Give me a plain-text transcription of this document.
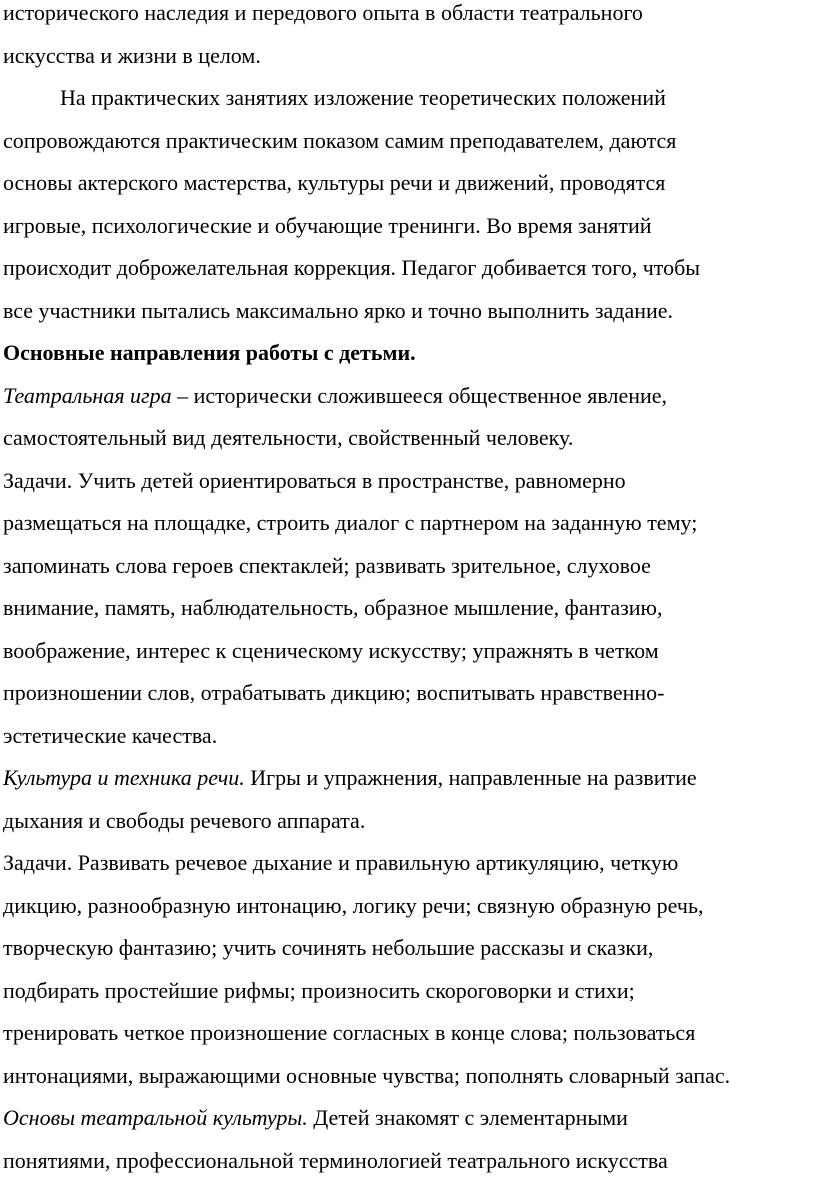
исторического наследия и передового опыта в области театрального
искусства и жизни в целом.
На практических занятиях изложение теоретических положений
сопровождаются практическим показом самим преподавателем, даются
основы актерского мастерства, культуры речи и движений, проводятся
игровые, психологические и обучающие тренинги. Во время занятий
происходит доброжелательная коррекция. Педагог добивается того, чтобы
все участники пытались максимально ярко и точно выполнить задание.
Основные направления работы с детьми.
Театральная игра – исторически сложившееся общественное явление,
самостоятельный вид деятельности, свойственный человеку.
Задачи. Учить детей ориентироваться в пространстве, равномерно
размещаться на площадке, строить диалог с партнером на заданную тему;
запоминать слова героев спектаклей; развивать зрительное, слуховое
внимание, память, наблюдательность, образное мышление, фантазию,
воображение, интерес к сценическому искусству; упражнять в четком
произношении слов, отрабатывать дикцию; воспитывать нравственно-
эстетические качества.
Культура и техника речи. Игры и упражнения, направленные на развитие
дыхания и свободы речевого аппарата.
Задачи. Развивать речевое дыхание и правильную артикуляцию, четкую
дикцию, разнообразную интонацию, логику речи; связную образную речь,
творческую фантазию; учить сочинять небольшие рассказы и сказки,
подбирать простейшие рифмы; произносить скороговорки и стихи;
тренировать четкое произношение согласных в конце слова; пользоваться
интонациями, выражающими основные чувства; пополнять словарный запас.
Основы театральной культуры. Детей знакомят с элементарными
понятиями, профессиональной терминологией театрального искусства
